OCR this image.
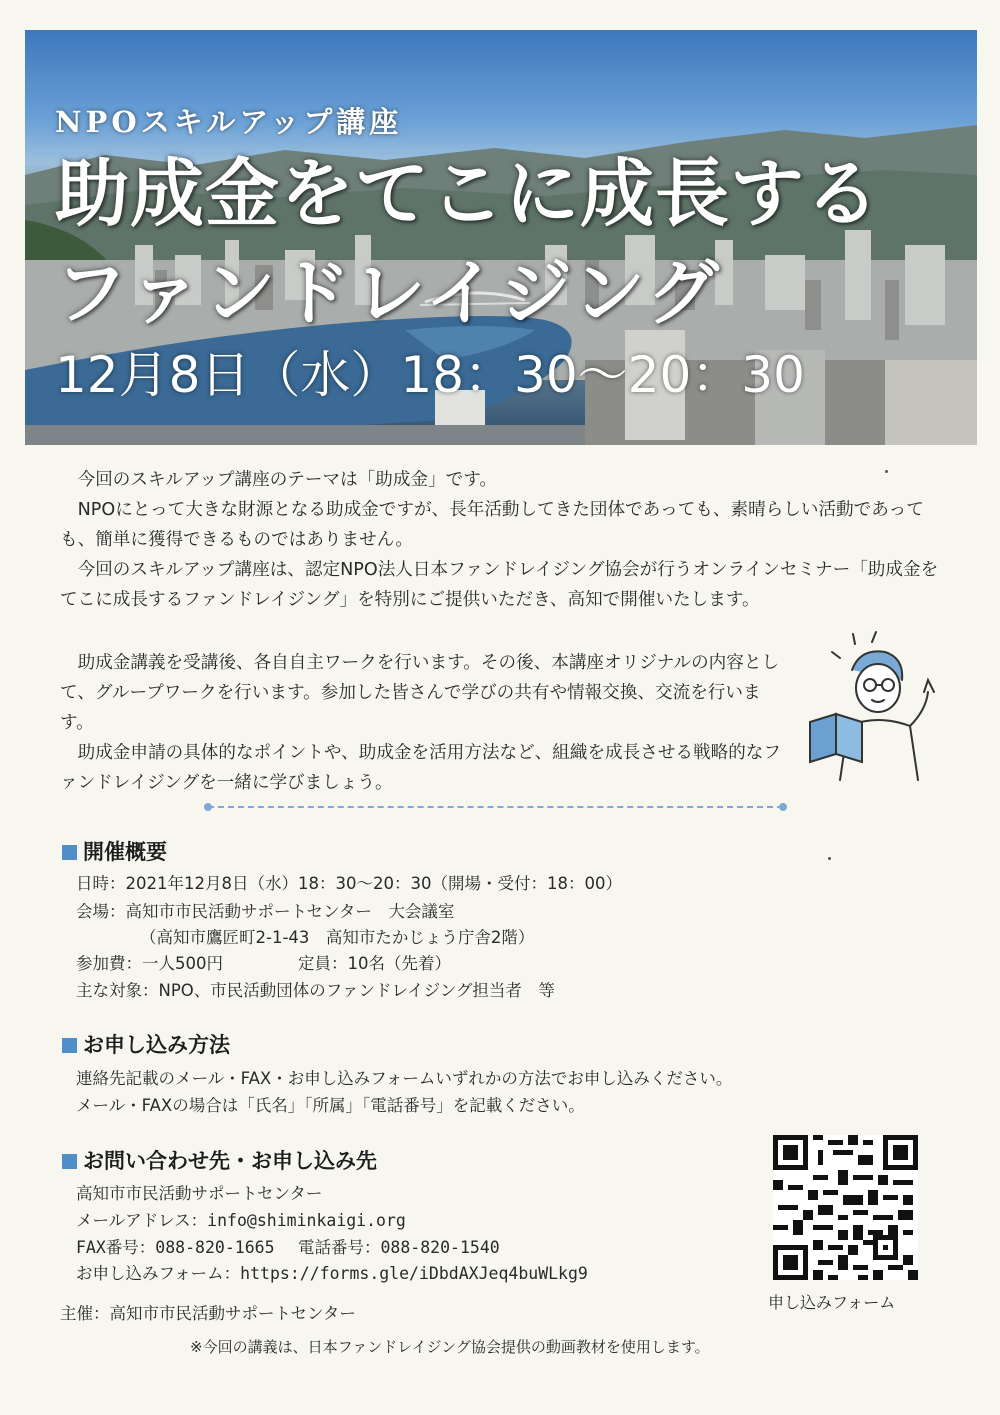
NPOスキルアップ講座
助成金をてこに成長する
ファンドレイジング
12月8日（水）18：30〜20：30

今回のスキルアップ講座のテーマは「助成金」です。

NPOにとって大きな財源となる助成金ですが、長年活動してきた団体であっても、素晴らしい活動であっても、簡単に獲得できるものではありません。

今回のスキルアップ講座は、認定NPO法人日本ファンドレイジング協会が行うオンラインセミナー「助成金をてこに成長するファンドレイジング」を特別にご提供いただき、高知で開催いたします。

助成金講義を受講後、各自自主ワークを行います。その後、本講座オリジナルの内容として、グループワークを行います。参加した皆さんで学びの共有や情報交換、交流を行います。

助成金申請の具体的なポイントや、助成金を活用方法など、組織を成長させる戦略的なファンドレイジングを一緒に学びましょう。

開催概要
日時：2021年12月8日（水）18：30〜20：30（開場・受付：18：00）
会場：高知市市民活動サポートセンター　大会議室
（高知市鷹匠町2-1-43　高知市たかじょう庁舎2階）
参加費：一人500円	定員：10名（先着）
主な対象：NPO、市民活動団体のファンドレイジング担当者　等
お申し込み方法
連絡先記載のメール・FAX・お申し込みフォームいずれかの方法でお申し込みください。
メール・FAXの場合は「氏名」「所属」「電話番号」を記載ください。
お問い合わせ先・お申し込み先
高知市市民活動サポートセンター
メールアドレス：info@shiminkaigi.org
FAX番号：088-820-1665 電話番号：088-820-1540
お申し込みフォーム：https://forms.gle/iDbdAXJeq4buWLkg9
申し込みフォーム
主催：高知市市民活動サポートセンター
※今回の講義は、日本ファンドレイジング協会提供の動画教材を使用します。
